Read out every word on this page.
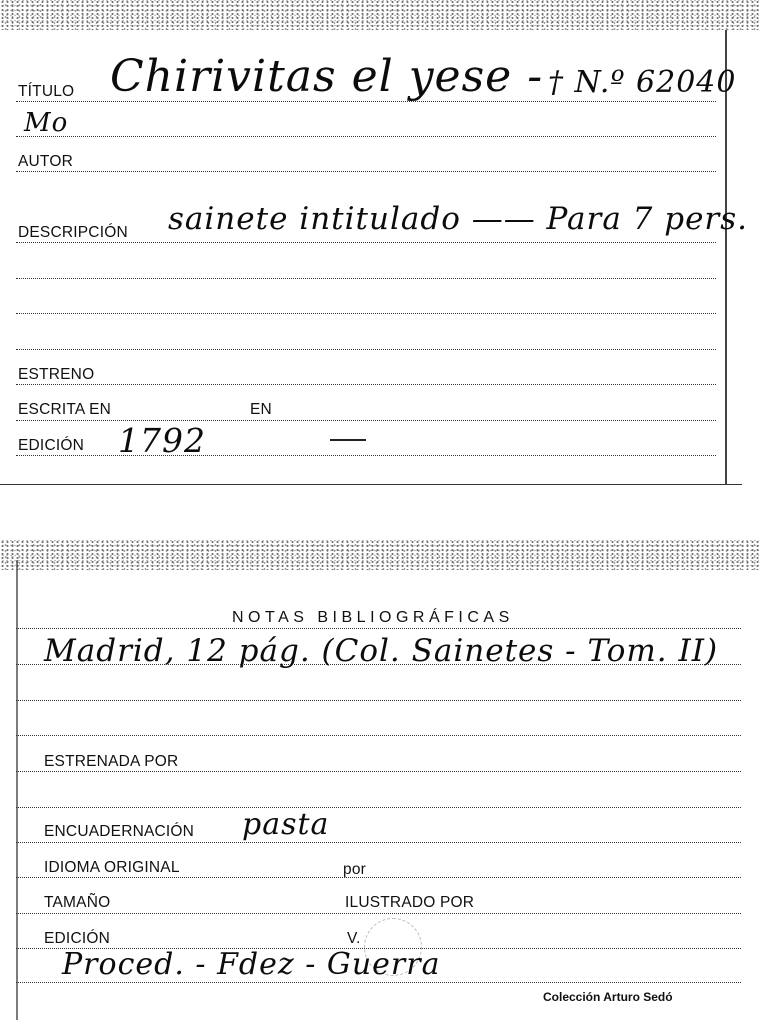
TÍTULO Chirivitas el yese - † N.º 62040
Mo
AUTOR
DESCRIPCIÓN sainete intitulado —— Para 7 pers.
ESTRENO
ESCRITA EN	EN
EDICIÓN 1792
NOTAS BIBLIOGRÁFICAS
Madrid, 12 pág. (Col. Sainetes - Tom. II)
ESTRENADA POR
ENCUADERNACIÓN pasta
IDIOMA ORIGINAL	por
TAMAÑO	ILUSTRADO POR
EDICIÓN	V.
Proced. - Fdez - Guerra
Colección Arturo Sedó
